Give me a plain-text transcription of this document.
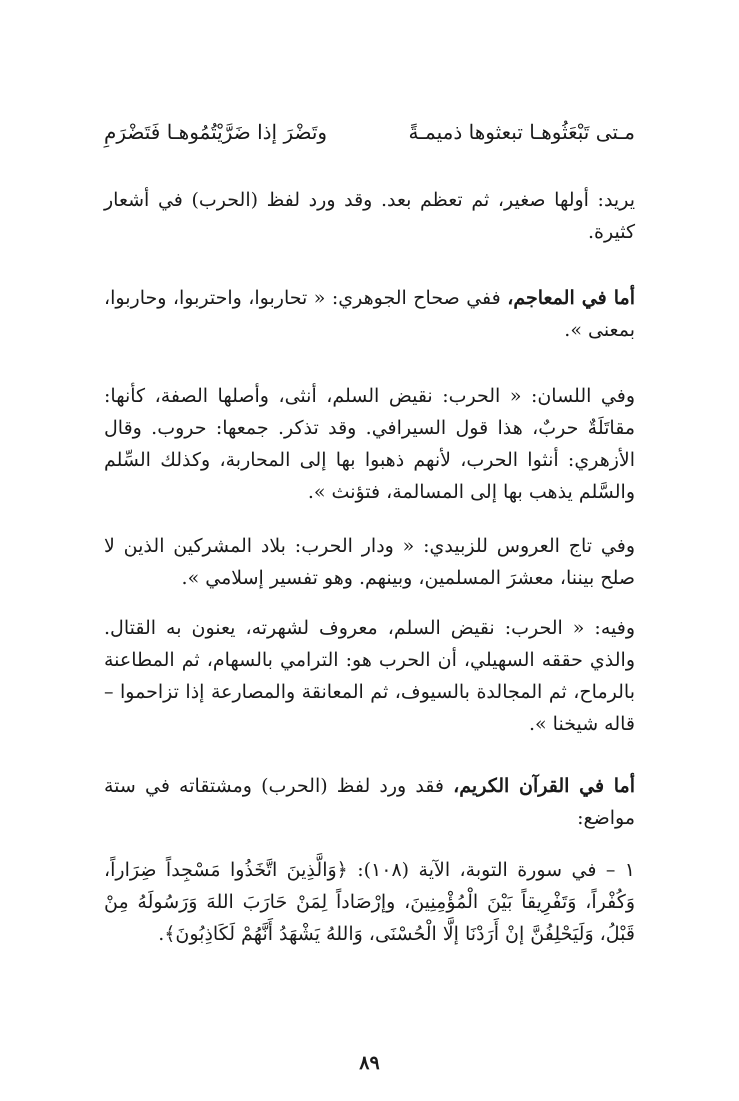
مـتى تَبْعَثُوهـا تبعثوها ذميمـةً
وتَضْرَ إذا ضَرَّيْتُمُوهـا فَتَضْرَمِ

يريد: أولها صغير، ثم تعظم بعد. وقد ورد لفظ (الحرب) في أشعار كثيرة.

أما في المعاجم، ففي صحاح الجوهري: « تحاربوا، واحتربوا، وحاربوا، بمعنى ».

وفي اللسان: « الحرب: نقيض السلم، أنثى، وأصلها الصفة، كأنها: مقاتَلَةٌ حربٌ، هذا قول السيرافي. وقد تذكر. جمعها: حروب. وقال الأزهري: أنثوا الحرب، لأنهم ذهبوا بها إلى المحاربة، وكذلك السِّلم والسَّلم يذهب بها إلى المسالمة، فتؤنث ».

وفي تاج العروس للزبيدي: « ودار الحرب: بلاد المشركين الذين لا صلح بيننا، معشرَ المسلمين، وبينهم. وهو تفسير إسلامي ».

وفيه: « الحرب: نقيض السلم، معروف لشهرته، يعنون به القتال. والذي حققه السهيلي، أن الحرب هو: الترامي بالسهام، ثم المطاعنة بالرماح، ثم المجالدة بالسيوف، ثم المعانقة والمصارعة إذا تزاحموا – قاله شيخنا ».

أما في القرآن الكريم، فقد ورد لفظ (الحرب) ومشتقاته في ستة مواضع:

١ – في سورة التوبة، الآية (١٠٨): ﴿وَالَّذِينَ اتَّخَذُوا مَسْجِداً ضِرَاراً، وَكُفْراً، وَتَفْرِيقاً بَيْنَ الْمُؤْمِنِينَ، وإرْصَاداً لِمَنْ حَارَبَ اللهَ وَرَسُولَهُ مِنْ قَبْلُ، وَلَيَحْلِفُنَّ إنْ أَرَدْنَا إلَّا الْحُسْنَى، وَاللهُ يَشْهَدُ أَنَّهُمْ لَكَاذِبُونَ﴾.

٨٩
